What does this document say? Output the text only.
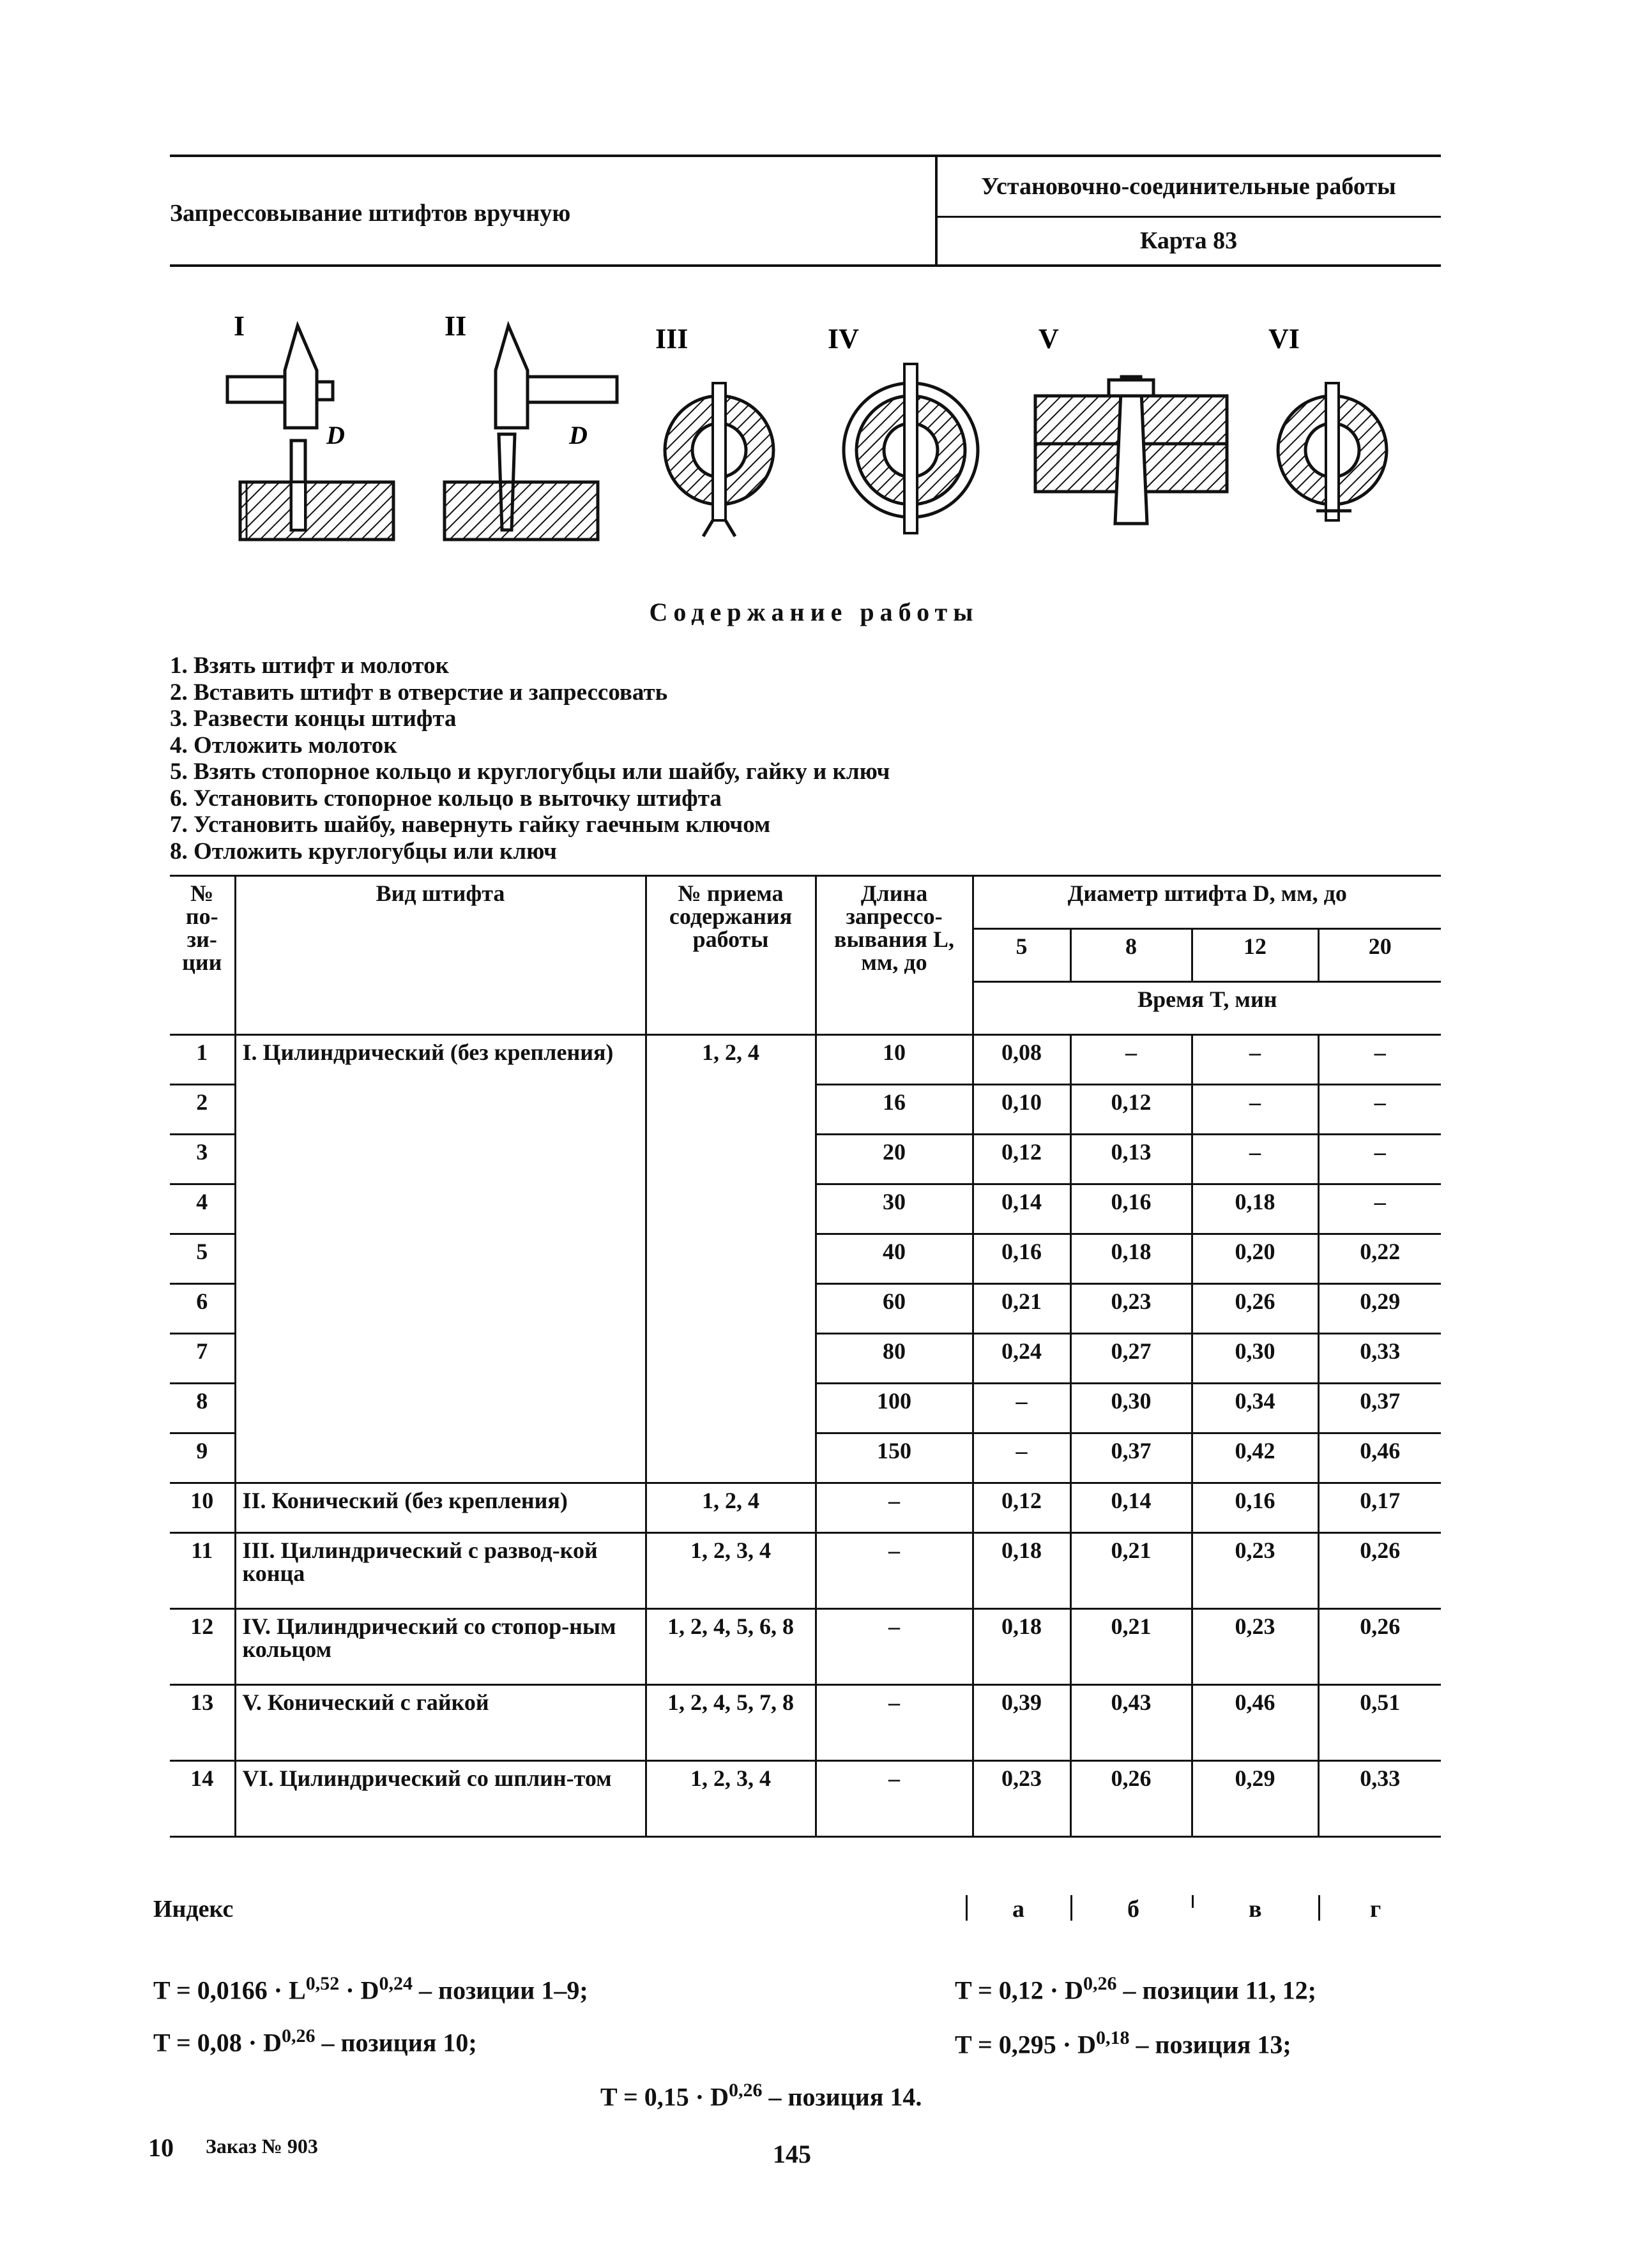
Запрессовывание штифтов вручную
Установочно-соединительные работы
Карта 83
I
D
II
D
III	IV	V	VI
Содержание работы
1. Взять штифт и молоток
2. Вставить штифт в отверстие и запрессовать
3. Развести концы штифта
4. Отложить молоток
5. Взять стопорное кольцо и круглогубцы или шайбу, гайку и ключ
6. Установить стопорное кольцо в выточку штифта
7. Установить шайбу, навернуть гайку гаечным ключом
8. Отложить круглогубцы или ключ
№ по-зи-ции	Вид штифта	№ приема содержания работы	Длина запрессо-вывания L, мм, до	Диаметр штифта D, мм, до			
				5	8	12	20
				Время T, мин			
1	I. Цилиндрический (без крепления)	1, 2, 4	10	0,08	–	–	–
2			16	0,10	0,12	–	–
3			20	0,12	0,13	–	–
4			30	0,14	0,16	0,18	–
5			40	0,16	0,18	0,20	0,22
6			60	0,21	0,23	0,26	0,29
7			80	0,24	0,27	0,30	0,33
8			100	–	0,30	0,34	0,37
9			150	–	0,37	0,42	0,46
10	II. Конический (без крепления)	1, 2, 4	–	0,12	0,14	0,16	0,17
11	III. Цилиндрический с развод-кой конца	1, 2, 3, 4	–	0,18	0,21	0,23	0,26
12	IV. Цилиндрический со стопор-ным кольцом	1, 2, 4, 5, 6, 8	–	0,18	0,21	0,23	0,26
13	V. Конический с гайкой	1, 2, 4, 5, 7, 8	–	0,39	0,43	0,46	0,51
14	VI. Цилиндрический со шплин-том	1, 2, 3, 4	–	0,23	0,26	0,29	0,33
Индекс	а	б	в	г
T = 0,0166 · L$^{0,52}$ · D$^{0,24}$ – позиции 1–9;	T = 0,12 · D$^{0,26}$ – позиции 11, 12;
T = 0,08 · D$^{0,26}$ – позиция 10;	T = 0,295 · D$^{0,18}$ – позиция 13;
T = 0,15 · D$^{0,26}$ – позиция 14.
10 Заказ № 903	145
